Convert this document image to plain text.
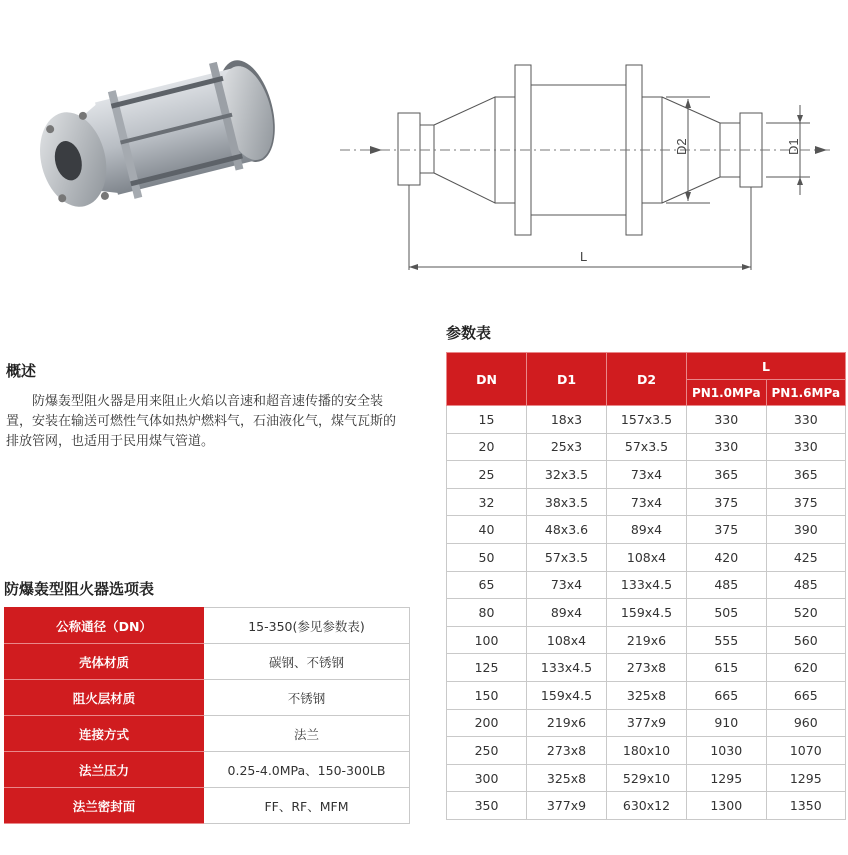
L
D2	D1
概述
防爆轰型阻火器是用来阻止火焰以音速和超音速传播的安全装置，安装在输送可燃性气体如热炉燃料气，石油液化气，煤气瓦斯的排放管网，也适用于民用煤气管道。
防爆轰型阻火器选项表
公称通径（DN）	15-350(参见参数表)
壳体材质	碳钢、不锈钢
阻火层材质	不锈钢
连接方式	法兰
法兰压力	0.25-4.0MPa、150-300LB
法兰密封面	FF、RF、MFM
参数表
DN	D1	D2	L	
			PN1.0MPa	PN1.6MPa
15	18x3	157x3.5	330	330
20	25x3	57x3.5	330	330
25	32x3.5	73x4	365	365
32	38x3.5	73x4	375	375
40	48x3.6	89x4	375	390
50	57x3.5	108x4	420	425
65	73x4	133x4.5	485	485
80	89x4	159x4.5	505	520
100	108x4	219x6	555	560
125	133x4.5	273x8	615	620
150	159x4.5	325x8	665	665
200	219x6	377x9	910	960
250	273x8	180x10	1030	1070
300	325x8	529x10	1295	1295
350	377x9	630x12	1300	1350
